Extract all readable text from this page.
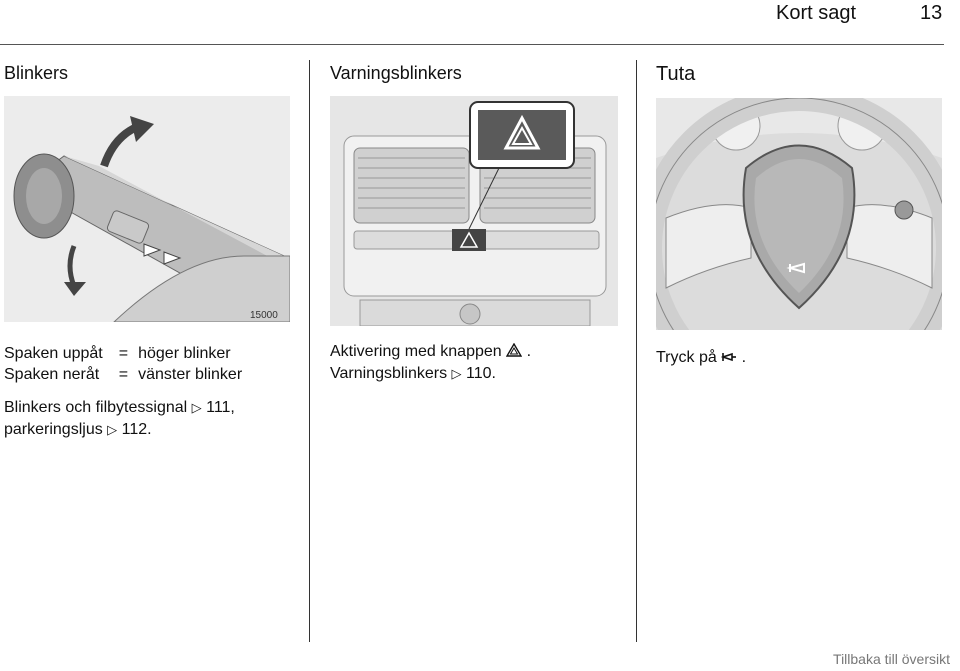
Kort sagt	13
Blinkers
15000
Spaken uppåt	=	höger blinker
Spaken neråt	=	vänster blinker
Blinkers och filbytessignal ▷ 111,
parkeringsljus ▷ 112.
Varningsblinkers
Aktivering med knappen .
Varningsblinkers ▷ 110.
Tuta
Tryck på .
Tillbaka till översikt
